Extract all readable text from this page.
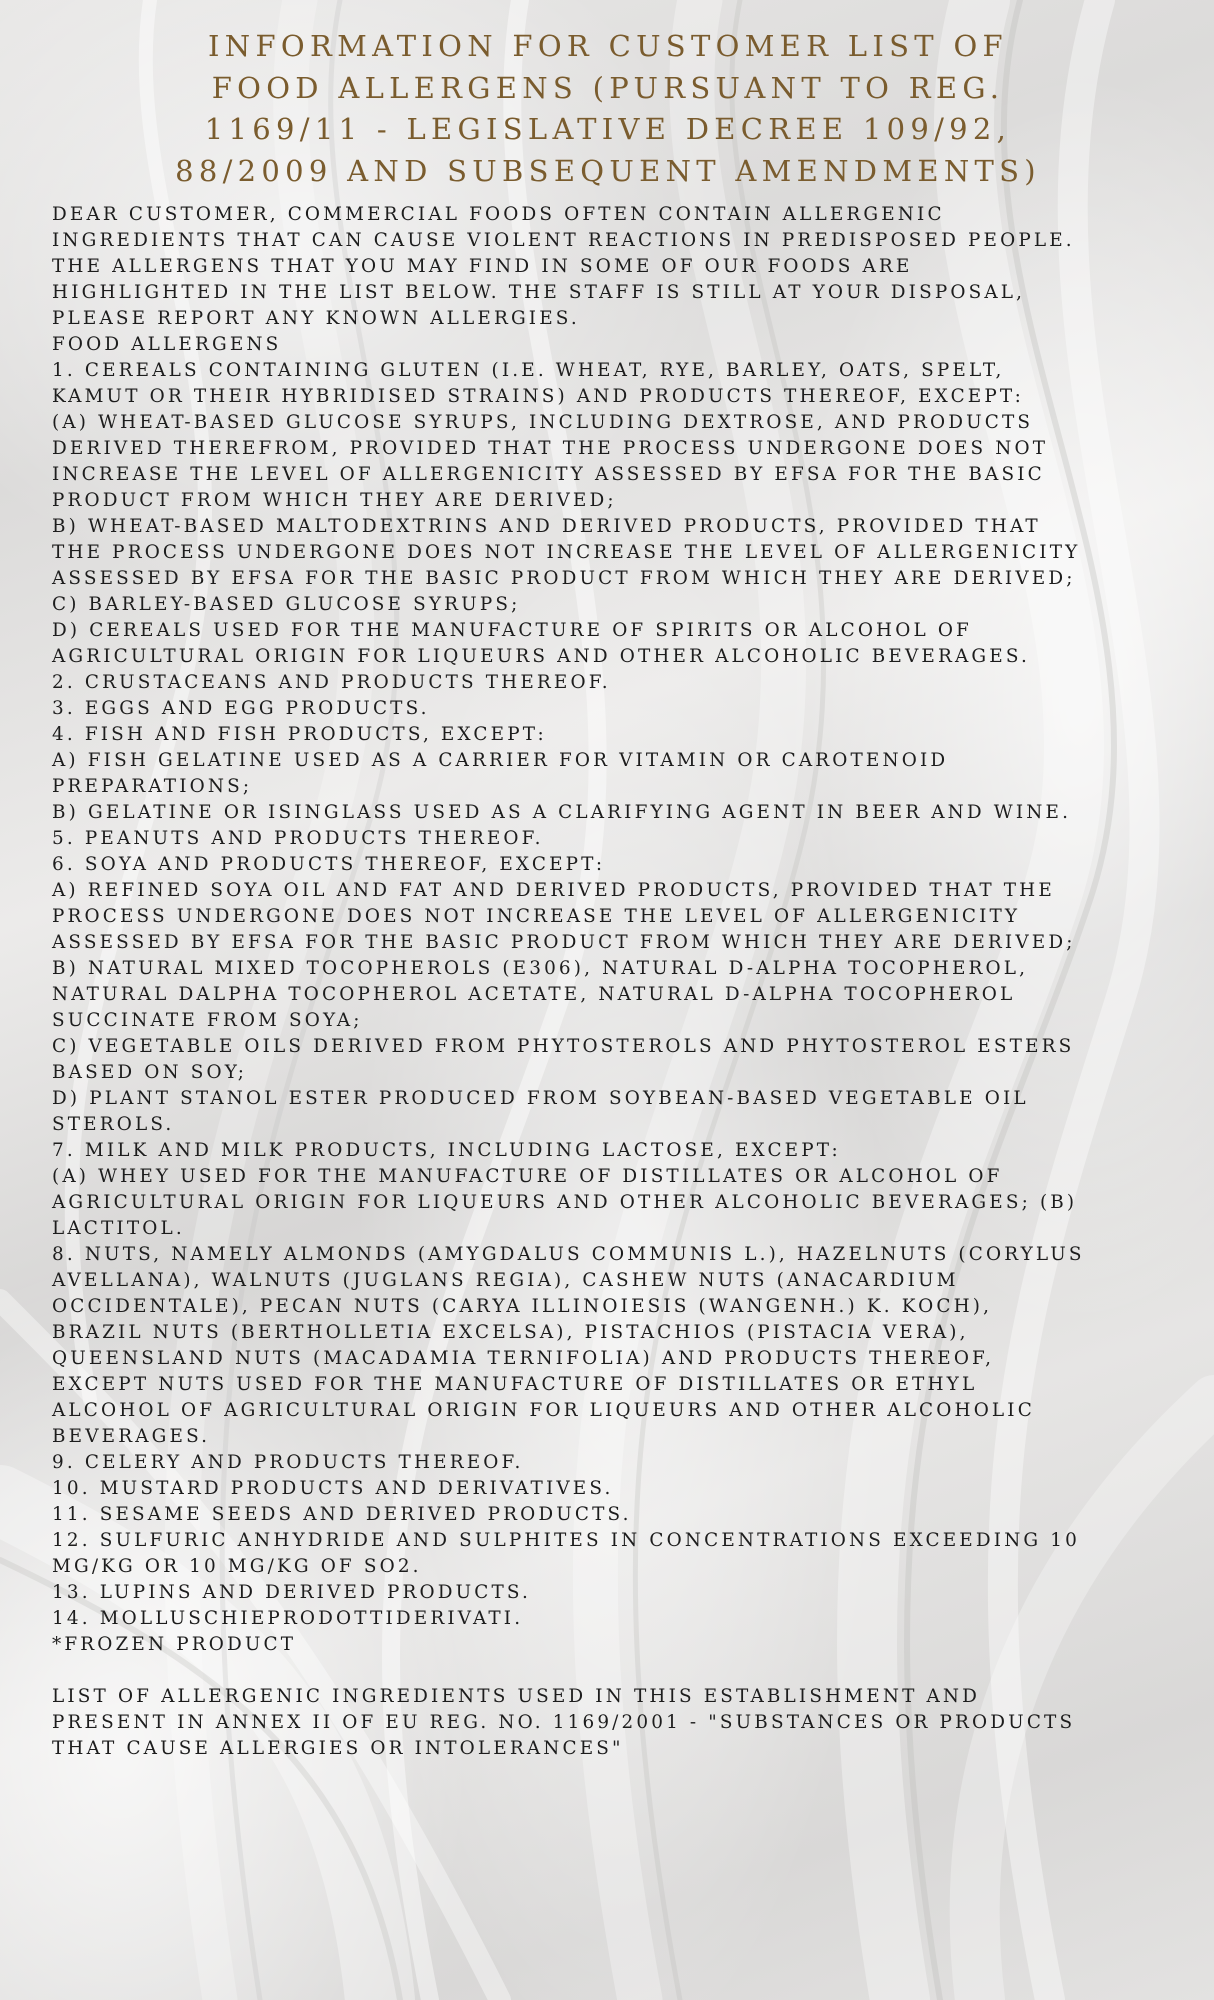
INFORMATION FOR CUSTOMER LIST OF FOOD ALLERGENS (PURSUANT TO REG. 1169/11 - LEGISLATIVE DECREE 109/92, 88/2009 AND SUBSEQUENT AMENDMENTS)
DEAR CUSTOMER, COMMERCIAL FOODS OFTEN CONTAIN ALLERGENIC
INGREDIENTS THAT CAN CAUSE VIOLENT REACTIONS IN PREDISPOSED PEOPLE.
THE ALLERGENS THAT YOU MAY FIND IN SOME OF OUR FOODS ARE
HIGHLIGHTED IN THE LIST BELOW. THE STAFF IS STILL AT YOUR DISPOSAL,
PLEASE REPORT ANY KNOWN ALLERGIES.
FOOD ALLERGENS
1. CEREALS CONTAINING GLUTEN (I.E. WHEAT, RYE, BARLEY, OATS, SPELT,
KAMUT OR THEIR HYBRIDISED STRAINS) AND PRODUCTS THEREOF, EXCEPT:
(A) WHEAT-BASED GLUCOSE SYRUPS, INCLUDING DEXTROSE, AND PRODUCTS
DERIVED THEREFROM, PROVIDED THAT THE PROCESS UNDERGONE DOES NOT
INCREASE THE LEVEL OF ALLERGENICITY ASSESSED BY EFSA FOR THE BASIC
PRODUCT FROM WHICH THEY ARE DERIVED;
B) WHEAT-BASED MALTODEXTRINS AND DERIVED PRODUCTS, PROVIDED THAT
THE PROCESS UNDERGONE DOES NOT INCREASE THE LEVEL OF ALLERGENICITY
ASSESSED BY EFSA FOR THE BASIC PRODUCT FROM WHICH THEY ARE DERIVED;
C) BARLEY-BASED GLUCOSE SYRUPS;
D) CEREALS USED FOR THE MANUFACTURE OF SPIRITS OR ALCOHOL OF
AGRICULTURAL ORIGIN FOR LIQUEURS AND OTHER ALCOHOLIC BEVERAGES.
2. CRUSTACEANS AND PRODUCTS THEREOF.
3. EGGS AND EGG PRODUCTS.
4. FISH AND FISH PRODUCTS, EXCEPT:
A) FISH GELATINE USED AS A CARRIER FOR VITAMIN OR CAROTENOID
PREPARATIONS;
B) GELATINE OR ISINGLASS USED AS A CLARIFYING AGENT IN BEER AND WINE.
5. PEANUTS AND PRODUCTS THEREOF.
6. SOYA AND PRODUCTS THEREOF, EXCEPT:
A) REFINED SOYA OIL AND FAT AND DERIVED PRODUCTS, PROVIDED THAT THE
PROCESS UNDERGONE DOES NOT INCREASE THE LEVEL OF ALLERGENICITY
ASSESSED BY EFSA FOR THE BASIC PRODUCT FROM WHICH THEY ARE DERIVED;
B) NATURAL MIXED TOCOPHEROLS (E306), NATURAL D-ALPHA TOCOPHEROL,
NATURAL DALPHA TOCOPHEROL ACETATE, NATURAL D-ALPHA TOCOPHEROL
SUCCINATE FROM SOYA;
C) VEGETABLE OILS DERIVED FROM PHYTOSTEROLS AND PHYTOSTEROL ESTERS
BASED ON SOY;
D) PLANT STANOL ESTER PRODUCED FROM SOYBEAN-BASED VEGETABLE OIL
STEROLS.
7. MILK AND MILK PRODUCTS, INCLUDING LACTOSE, EXCEPT:
(A) WHEY USED FOR THE MANUFACTURE OF DISTILLATES OR ALCOHOL OF
AGRICULTURAL ORIGIN FOR LIQUEURS AND OTHER ALCOHOLIC BEVERAGES; (B)
LACTITOL.
8. NUTS, NAMELY ALMONDS (AMYGDALUS COMMUNIS L.), HAZELNUTS (CORYLUS
AVELLANA), WALNUTS (JUGLANS REGIA), CASHEW NUTS (ANACARDIUM
OCCIDENTALE), PECAN NUTS (CARYA ILLINOIESIS (WANGENH.) K. KOCH),
BRAZIL NUTS (BERTHOLLETIA EXCELSA), PISTACHIOS (PISTACIA VERA),
QUEENSLAND NUTS (MACADAMIA TERNIFOLIA) AND PRODUCTS THEREOF,
EXCEPT NUTS USED FOR THE MANUFACTURE OF DISTILLATES OR ETHYL
ALCOHOL OF AGRICULTURAL ORIGIN FOR LIQUEURS AND OTHER ALCOHOLIC
BEVERAGES.
9. CELERY AND PRODUCTS THEREOF.
10. MUSTARD PRODUCTS AND DERIVATIVES.
11. SESAME SEEDS AND DERIVED PRODUCTS.
12. SULFURIC ANHYDRIDE AND SULPHITES IN CONCENTRATIONS EXCEEDING 10
MG/KG OR 10 MG/KG OF SO2.
13. LUPINS AND DERIVED PRODUCTS.
14. MOLLUSCHIEPRODOTTIDERIVATI.
*FROZEN PRODUCT
LIST OF ALLERGENIC INGREDIENTS USED IN THIS ESTABLISHMENT AND
PRESENT IN ANNEX II OF EU REG. NO. 1169/2001 - "SUBSTANCES OR PRODUCTS
THAT CAUSE ALLERGIES OR INTOLERANCES"
